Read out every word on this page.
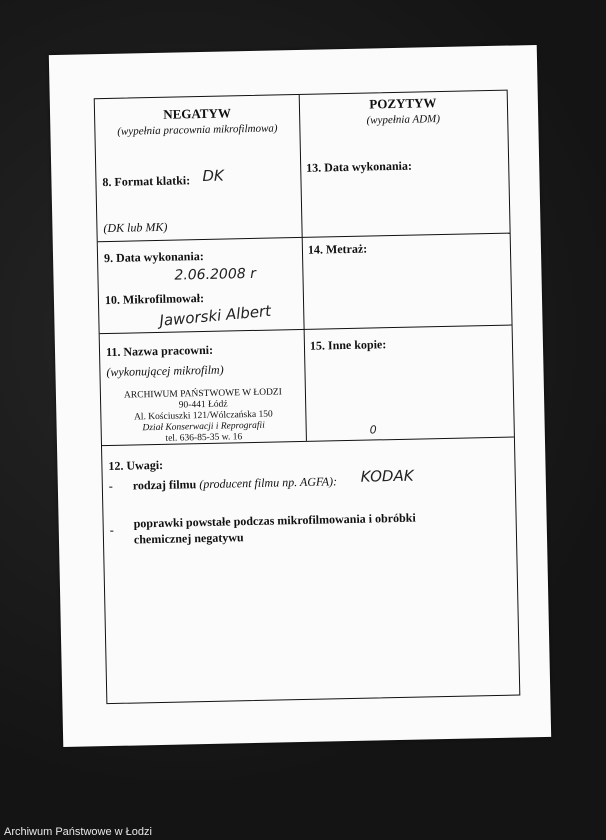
NEGATYW
(wypełnia pracownia mikrofilmowa)
POZYTYW
(wypełnia ADM)
8. Format klatki: DK
(DK lub MK)
13. Data wykonania:
9. Data wykonania:
2.06.2008 r
10. Mikrofilmował:
Jaworski Albert
14. Metraż:
11. Nazwa pracowni:
(wykonującej mikrofilm)
ARCHIWUM PAŃSTWOWE W ŁODZI
90-441 Łódź
Al. Kościuszki 121/Wólczańska 150
Dział Konserwacji i Reprografii
tel. 636-85-35 w. 16
15. Inne kopie:
0
12. Uwagi:
- rodzaj filmu (producent filmu np. AGFA): KODAK
- poprawki powstałe podczas mikrofilmowania i obróbki
chemicznej negatywu
Archiwum Państwowe w Łodzi
